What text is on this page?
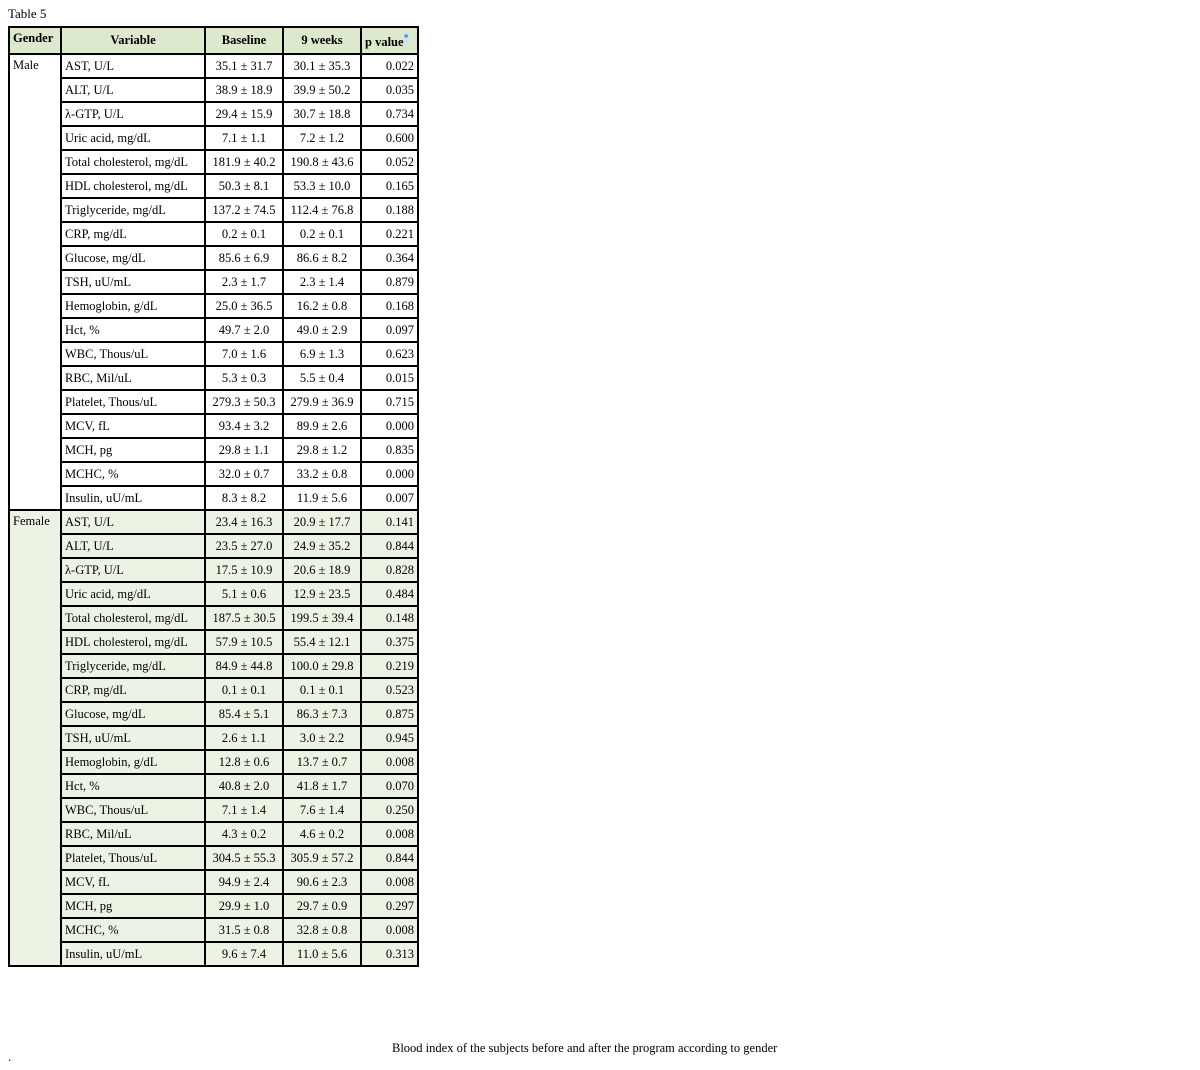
Table 5
Gender	Variable	Baseline	9 weeks	p value*
Male	AST, U/L	35.1 ± 31.7	30.1 ± 35.3	0.022
	ALT, U/L	38.9 ± 18.9	39.9 ± 50.2	0.035
	λ-GTP, U/L	29.4 ± 15.9	30.7 ± 18.8	0.734
	Uric acid, mg/dL	7.1 ± 1.1	7.2 ± 1.2	0.600
	Total cholesterol, mg/dL	181.9 ± 40.2	190.8 ± 43.6	0.052
	HDL cholesterol, mg/dL	50.3 ± 8.1	53.3 ± 10.0	0.165
	Triglyceride, mg/dL	137.2 ± 74.5	112.4 ± 76.8	0.188
	CRP, mg/dL	0.2 ± 0.1	0.2 ± 0.1	0.221
	Glucose, mg/dL	85.6 ± 6.9	86.6 ± 8.2	0.364
	TSH, uU/mL	2.3 ± 1.7	2.3 ± 1.4	0.879
	Hemoglobin, g/dL	25.0 ± 36.5	16.2 ± 0.8	0.168
	Hct, %	49.7 ± 2.0	49.0 ± 2.9	0.097
	WBC, Thous/uL	7.0 ± 1.6	6.9 ± 1.3	0.623
	RBC, Mil/uL	5.3 ± 0.3	5.5 ± 0.4	0.015
	Platelet, Thous/uL	279.3 ± 50.3	279.9 ± 36.9	0.715
	MCV, fL	93.4 ± 3.2	89.9 ± 2.6	0.000
	MCH, pg	29.8 ± 1.1	29.8 ± 1.2	0.835
	MCHC, %	32.0 ± 0.7	33.2 ± 0.8	0.000
	Insulin, uU/mL	8.3 ± 8.2	11.9 ± 5.6	0.007
Female	AST, U/L	23.4 ± 16.3	20.9 ± 17.7	0.141
	ALT, U/L	23.5 ± 27.0	24.9 ± 35.2	0.844
	λ-GTP, U/L	17.5 ± 10.9	20.6 ± 18.9	0.828
	Uric acid, mg/dL	5.1 ± 0.6	12.9 ± 23.5	0.484
	Total cholesterol, mg/dL	187.5 ± 30.5	199.5 ± 39.4	0.148
	HDL cholesterol, mg/dL	57.9 ± 10.5	55.4 ± 12.1	0.375
	Triglyceride, mg/dL	84.9 ± 44.8	100.0 ± 29.8	0.219
	CRP, mg/dL	0.1 ± 0.1	0.1 ± 0.1	0.523
	Glucose, mg/dL	85.4 ± 5.1	86.3 ± 7.3	0.875
	TSH, uU/mL	2.6 ± 1.1	3.0 ± 2.2	0.945
	Hemoglobin, g/dL	12.8 ± 0.6	13.7 ± 0.7	0.008
	Hct, %	40.8 ± 2.0	41.8 ± 1.7	0.070
	WBC, Thous/uL	7.1 ± 1.4	7.6 ± 1.4	0.250
	RBC, Mil/uL	4.3 ± 0.2	4.6 ± 0.2	0.008
	Platelet, Thous/uL	304.5 ± 55.3	305.9 ± 57.2	0.844
	MCV, fL	94.9 ± 2.4	90.6 ± 2.3	0.008
	MCH, pg	29.9 ± 1.0	29.7 ± 0.9	0.297
	MCHC, %	31.5 ± 0.8	32.8 ± 0.8	0.008
	Insulin, uU/mL	9.6 ± 7.4	11.0 ± 5.6	0.313
Blood index of the subjects before and after the program according to gender
.
